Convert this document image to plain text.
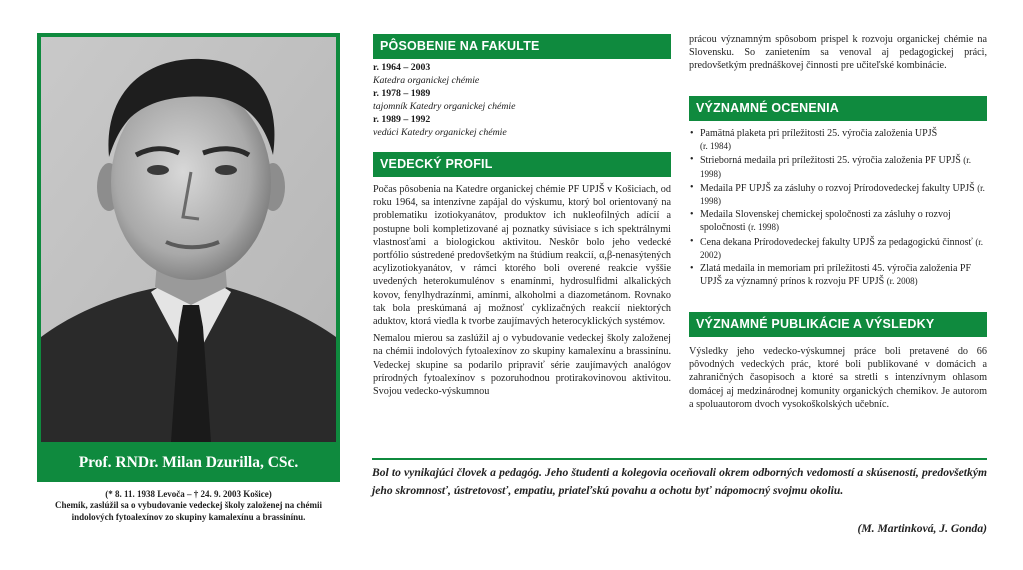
Prof. RNDr. Milan Dzurilla, CSc.
(* 8. 11. 1938 Levoča – † 24. 9. 2003 Košice)
Chemik, zaslúžil sa o vybudovanie vedeckej školy založenej na chémii indolových fytoalexínov zo skupiny kamalexínu a brassinínu.
PÔSOBENIE NA FAKULTE
r. 1964 – 2003
Katedra organickej chémie
r. 1978 – 1989
tajomník Katedry organickej chémie
r. 1989 – 1992
vedúci Katedry organickej chémie
VEDECKÝ PROFIL

Počas pôsobenia na Katedre organickej chémie PF UPJŠ v Košiciach, od roku 1964, sa intenzívne zapájal do výskumu, ktorý bol orientovaný na problematiku izotiokyanátov, produktov ich nukleofilných adícií a postupne boli kompletizované aj poznatky súvisiace s ich spektrálnymi vlastnosťami a biologickou aktivitou. Neskôr bolo jeho vedecké portfólio sústredené predovšetkým na štúdium reakcií, α,β-nenasýtených acylizotiokyanátov, v rámci ktorého boli overené reakcie vyššie uvedených heterokumulénov s enamínmi, hydrosulfidmi alkalických kovov, fenylhydrazínmi, amínmi, alkoholmi a diazometánom. Rovnako tak bola preskúmaná aj možnosť cyklizačných reakcií niektorých aduktov, ktorá viedla k tvorbe zaujímavých heterocyklických systémov.

Nemalou mierou sa zaslúžil aj o vybudovanie vedeckej školy založenej na chémii indolových fytoalexínov zo skupiny kamalexínu a brassinínu. Vedeckej skupine sa podarilo pripraviť série zaujímavých analógov prírodných fytoalexínov s pozoruhodnou protirakovinovou aktivitou. Svojou vedecko-výskumnou

prácou významným spôsobom prispel k rozvoju organickej chémie na Slovensku. So zanietením sa venoval aj pedagogickej práci, predovšetkým prednáškovej činnosti pre učiteľské kombinácie.

VÝZNAMNÉ OCENENIA
• Pamätná plaketa pri príležitosti 25. výročia založenia UPJŠ
(r. 1984)
• Strieborná medaila pri príležitosti 25. výročia založenia PF UPJŠ (r. 1998)
• Medaila PF UPJŠ za zásluhy o rozvoj Prírodovedeckej fakulty UPJŠ (r. 1998)
• Medaila Slovenskej chemickej spoločnosti za zásluhy o rozvoj spoločnosti (r. 1998)
• Cena dekana Prírodovedeckej fakulty UPJŠ za pedagogickú činnosť (r. 2002)
• Zlatá medaila in memoriam pri príležitosti 45. výročia založenia PF UPJŠ za významný prínos k rozvoju PF UPJŠ (r. 2008)
VÝZNAMNÉ PUBLIKÁCIE A VÝSLEDKY

Výsledky jeho vedecko-výskumnej práce boli pretavené do 66 pôvodných vedeckých prác, ktoré boli publikované v domácich a zahraničných časopisoch a ktoré sa stretli s intenzívnym ohlasom domácej aj medzinárodnej komunity organických chemikov. Je autorom a spoluautorom dvoch vysokoškolských učebníc.

Bol to vynikajúci človek a pedagóg. Jeho študenti a kolegovia oceňovali okrem odborných vedomostí a skúseností, predovšetkým jeho skromnosť, ústretovosť, empatiu, priateľskú povahu a ochotu byť nápomocný svojmu okoliu.
(M. Martinková, J. Gonda)
